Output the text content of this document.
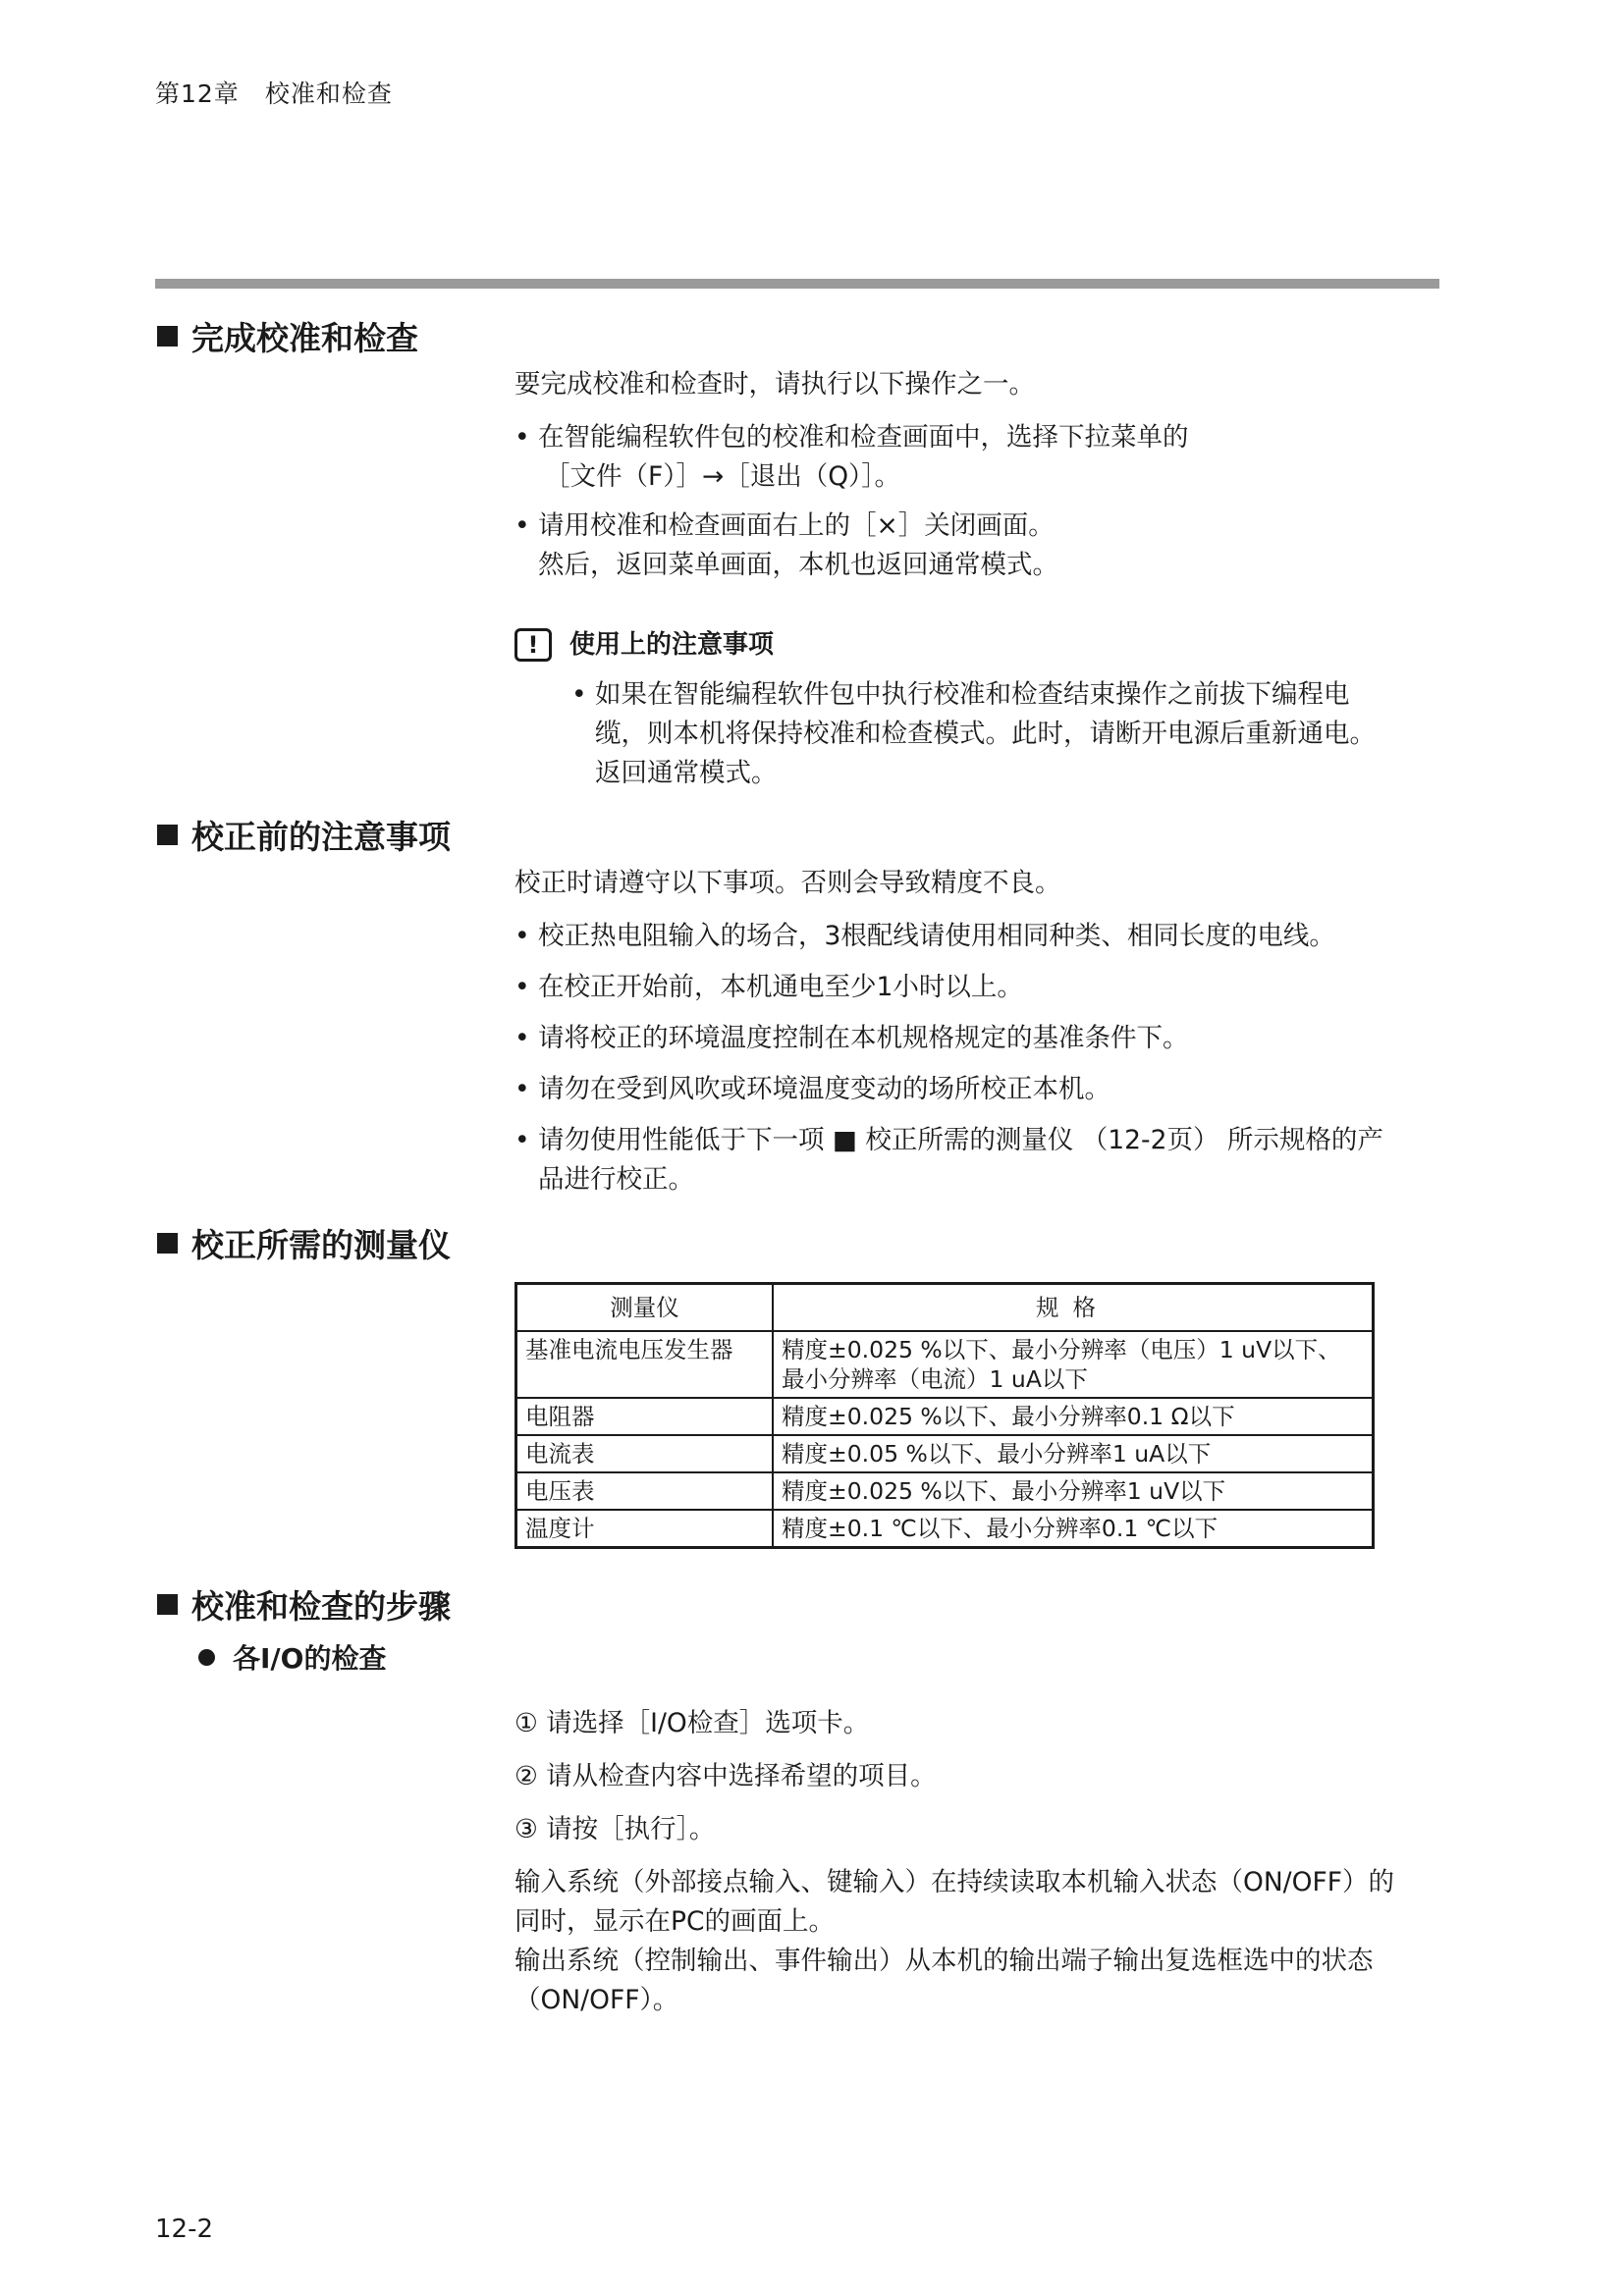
第12章 校准和检查
完成校准和检查
要完成校准和检查时，请执行以下操作之一。
• 在智能编程软件包的校准和检查画面中，选择下拉菜单的
［文件（F）］→［退出（Q）］。
• 请用校准和检查画面右上的［×］关闭画面。
然后，返回菜单画面，本机也返回通常模式。
!	使用上的注意事项
• 如果在智能编程软件包中执行校准和检查结束操作之前拔下编程电
缆，则本机将保持校准和检查模式。此时，请断开电源后重新通电。
返回通常模式。
校正前的注意事项
校正时请遵守以下事项。否则会导致精度不良。
• 校正热电阻输入的场合，3根配线请使用相同种类、相同长度的电线。
• 在校正开始前，本机通电至少1小时以上。
• 请将校正的环境温度控制在本机规格规定的基准条件下。
• 请勿在受到风吹或环境温度变动的场所校正本机。
• 请勿使用性能低于下一项 ■ 校正所需的测量仪 （12-2页） 所示规格的产
品进行校正。
校正所需的测量仪
测量仪	规格
基准电流电压发生器	精度±0.025 %以下、最小分辨率（电压）1 uV以下、
最小分辨率（电流）1 uA以下

电阻器	精度±0.025 %以下、最小分辨率0.1 Ω以下
电流表	精度±0.05 %以下、最小分辨率1 uA以下
电压表	精度±0.025 %以下、最小分辨率1 uV以下
温度计	精度±0.1 ℃以下、最小分辨率0.1 ℃以下
校准和检查的步骤
各I/O的检查
① 请选择［I/O检查］选项卡。
② 请从检查内容中选择希望的项目。
③ 请按［执行］。
输入系统（外部接点输入、键输入）在持续读取本机输入状态（ON/OFF）的
同时，显示在PC的画面上。
输出系统（控制输出、事件输出）从本机的输出端子输出复选框选中的状态
（ON/OFF）。
12-2
